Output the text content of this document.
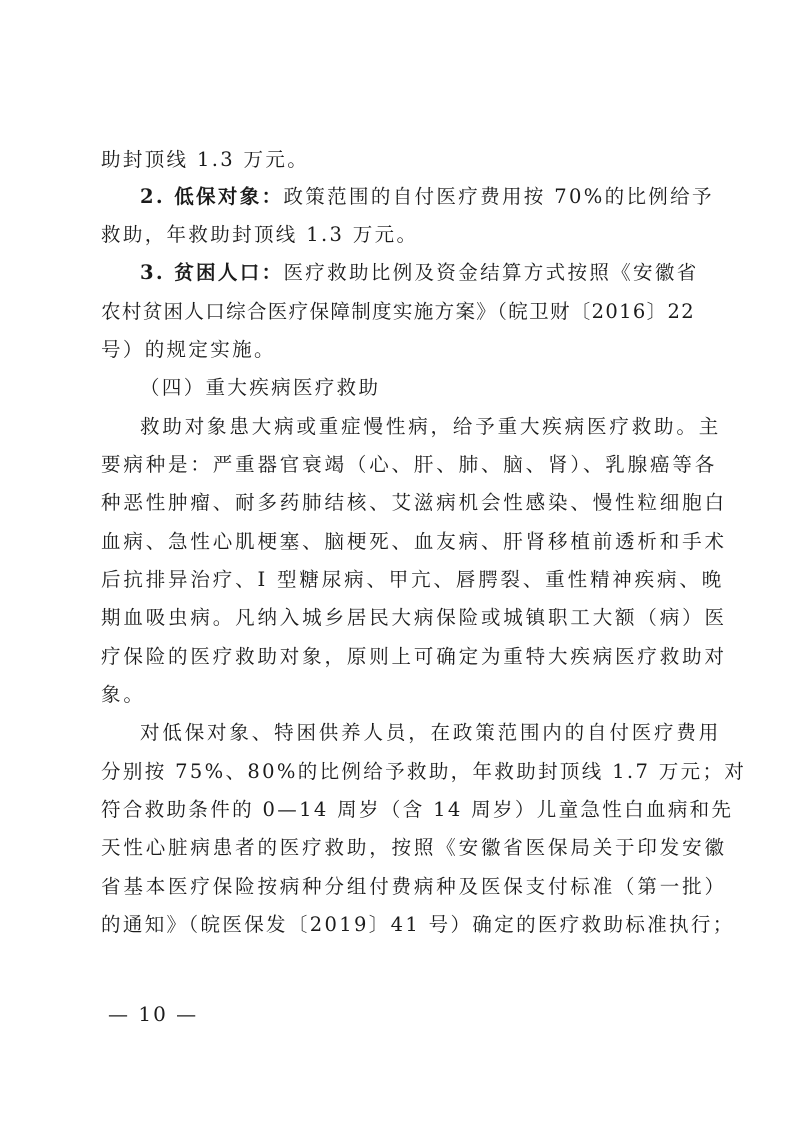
助封顶线 1.3 万元。
2. 低保对象：政策范围的自付医疗费用按 70%的比例给予
救助，年救助封顶线 1.3 万元。
3. 贫困人口：医疗救助比例及资金结算方式按照《安徽省
农村贫困人口综合医疗保障制度实施方案》（皖卫财〔2016〕22
号）的规定实施。
（四）重大疾病医疗救助
救助对象患大病或重症慢性病，给予重大疾病医疗救助。主
要病种是：严重器官衰竭（心、肝、肺、脑、肾）、乳腺癌等各
种恶性肿瘤、耐多药肺结核、艾滋病机会性感染、慢性粒细胞白
血病、急性心肌梗塞、脑梗死、血友病、肝肾移植前透析和手术
后抗排异治疗、I 型糖尿病、甲亢、唇腭裂、重性精神疾病、晚
期血吸虫病。凡纳入城乡居民大病保险或城镇职工大额（病）医
疗保险的医疗救助对象，原则上可确定为重特大疾病医疗救助对
象。
对低保对象、特困供养人员，在政策范围内的自付医疗费用
分别按 75%、80%的比例给予救助，年救助封顶线 1.7 万元；对
符合救助条件的 0—14 周岁（含 14 周岁）儿童急性白血病和先
天性心脏病患者的医疗救助，按照《安徽省医保局关于印发安徽
省基本医疗保险按病种分组付费病种及医保支付标准（第一批）
的通知》（皖医保发〔2019〕41 号）确定的医疗救助标准执行；
— 10 —
